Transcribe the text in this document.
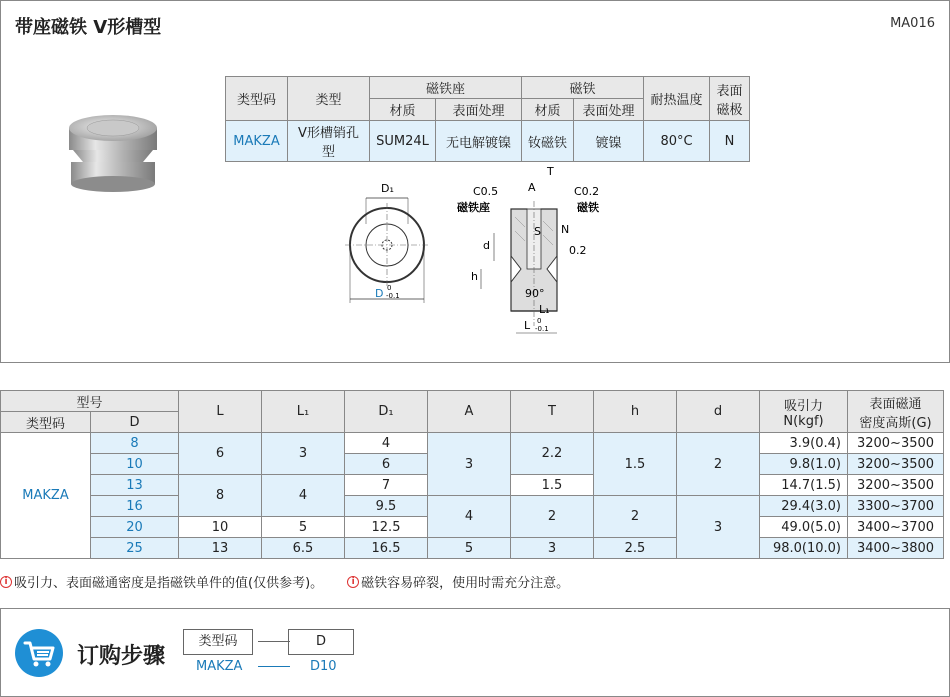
带座磁铁 V形槽型	MA016
类型码	类型	磁铁座		磁铁		耐热温度	表面
磁极
		材质	表面处理	材质	表面处理		
MAKZA	V形槽销孔型	SUM24L	无电解镀镍	钕磁铁	镀镍	80°C	N
D₁
D 0
-0.1
C0.5	C0.2
A
T
磁铁座	磁铁
S N
d	0.2
h
90°
L₁
L 0
-0.1
型号		L	L₁	D₁	A	T	h	d	吸引力
N(kgf)	表面磁通
密度高斯(G)
类型码	D									
MAKZA	8	6	3	4	3	2.2	1.5	2	3.9(0.4)	3200~3500
	10			6					9.8(1.0)	3200~3500
	13	8	4	7		1.5			14.7(1.5)	3200~3500
	16			9.5	4	2	2	3	29.4(3.0)	3300~3700
	20	10	5	12.5					49.0(5.0)	3400~3700
	25	13	6.5	16.5	5	3	2.5		98.0(10.0)	3400~3800
i 吸引力、表面磁通密度是指磁铁单件的值(仅供参考)。	i 磁铁容易碎裂，使用时需充分注意。
订购步骤
类型码	D
MAKZA	D10
